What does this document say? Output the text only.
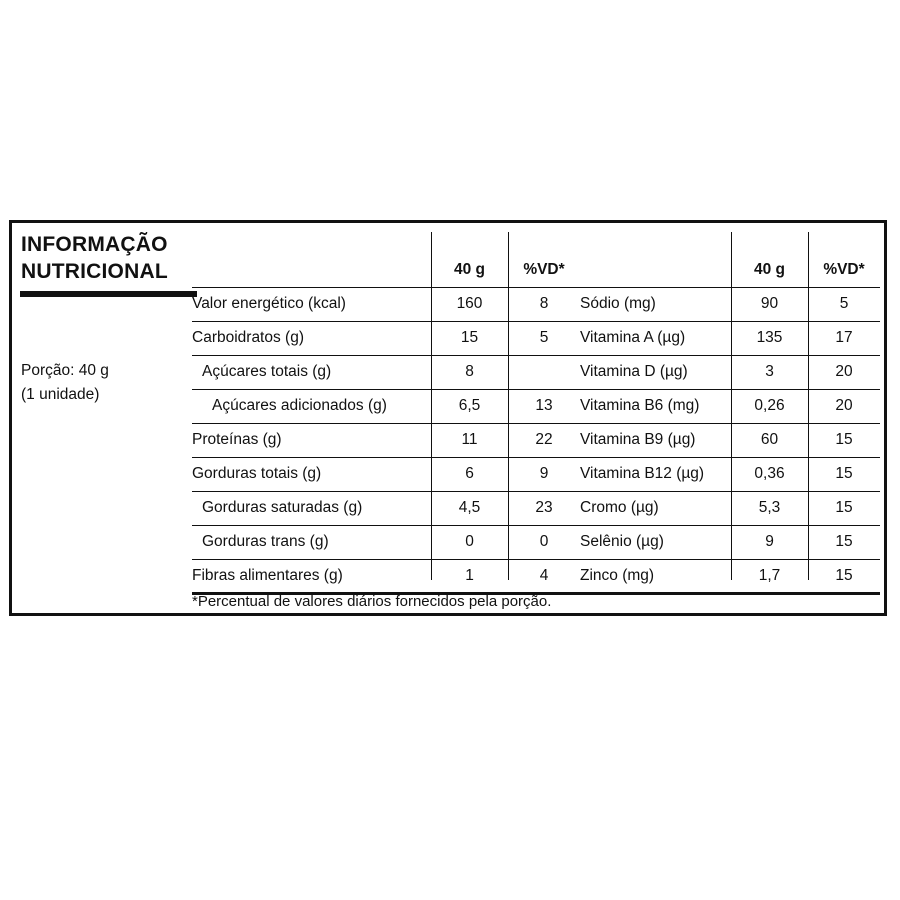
INFORMAÇÃO
NUTRICIONAL
Porção: 40 g
(1 unidade)
40 g	%VD*
Valor energético (kcal)	160	8
Carboidratos (g)	15	5
Açúcares totais (g)	8
Açúcares adicionados (g)	6,5	13
Proteínas (g)	11	22
Gorduras totais (g)	6	9
Gorduras saturadas (g)	4,5	23
Gorduras trans (g)	0	0
Fibras alimentares (g)	1	4
40 g	%VD*
Sódio (mg)	90	5
Vitamina A (µg)	135	17
Vitamina D (µg)	3	20
Vitamina B6 (mg)	0,26	20
Vitamina B9 (µg)	60	15
Vitamina B12 (µg)	0,36	15
Cromo (µg)	5,3	15
Selênio (µg)	9	15
Zinco (mg)	1,7	15
*Percentual de valores diários fornecidos pela porção.
